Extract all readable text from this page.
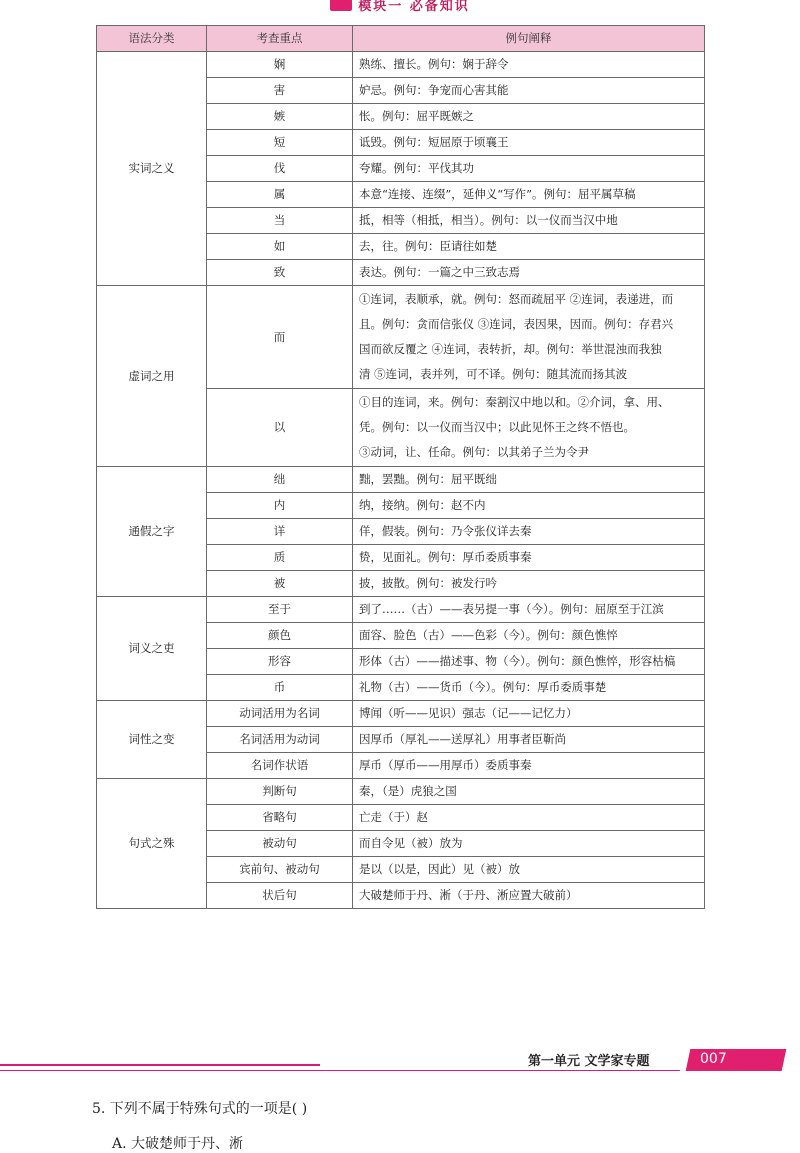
模块一 必备知识
语法分类	考查重点	例句阐释
实词之义	娴	熟练、擅长。例句：娴于辞令

	害	妒忌。例句：争宠而心害其能

	嫉	怅。例句：屈平既嫉之

	短	诋毁。例句：短屈原于顷襄王

	伐	夸耀。例句：平伐其功

	属	本意“连接、连缀”，延伸义“写作”。例句：屈平属草稿

	当	抵，相等（相抵，相当）。例句：以一仪而当汉中地

	如	去，往。例句：臣请往如楚

	致	表达。例句：一篇之中三致志焉

虚词之用	而	①连词，表顺承，就。例句：怒而疏屈平 ②连词，表递进，而
且。例句：贪而信张仪 ③连词，表因果，因而。例句：存君兴
国而欲反覆之 ④连词，表转折，却。例句：举世混浊而我独
清 ⑤连词，表并列，可不译。例句：随其流而扬其波

	以	①目的连词，来。例句：秦割汉中地以和。②介词，拿、用、
凭。例句：以一仪而当汉中；以此见怀王之终不悟也。
③动词，让、任命。例句：以其弟子兰为令尹

通假之字	绌	黜，罢黜。例句：屈平既绌

	内	纳，接纳。例句：赵不内

	详	佯，假装。例句：乃令张仪详去秦

	质	贽，见面礼。例句：厚币委质事秦

	被	披，披散。例句：被发行吟

词义之吏	至于	到了……（古）——表另提一事（今）。例句：屈原至于江滨

	颜色	面容、脸色（古）——色彩（今）。例句：颜色憔悴

	形容	形体（古）——描述事、物（今）。例句：颜色憔悴，形容枯槁

	币	礼物（古）——货币（今）。例句：厚币委质事楚

词性之变	动词活用为名词	博闻（听——见识）强志（记——记忆力）

	名词活用为动词	因厚币（厚礼——送厚礼）用事者臣靳尚

	名词作状语	厚币（厚币——用厚币）委质事秦

句式之殊	判断句	秦，（是）虎狼之国

	省略句	亡走（于）赵

	被动句	而自令见（被）放为

	宾前句、被动句	是以（以是，因此）见（被）放

	状后句	大破楚师于丹、淅（于丹、淅应置大破前）
第一单元 文学家专题	007
5. 下列不属于特殊句式的一项是( )
A. 大破楚师于丹、淅
